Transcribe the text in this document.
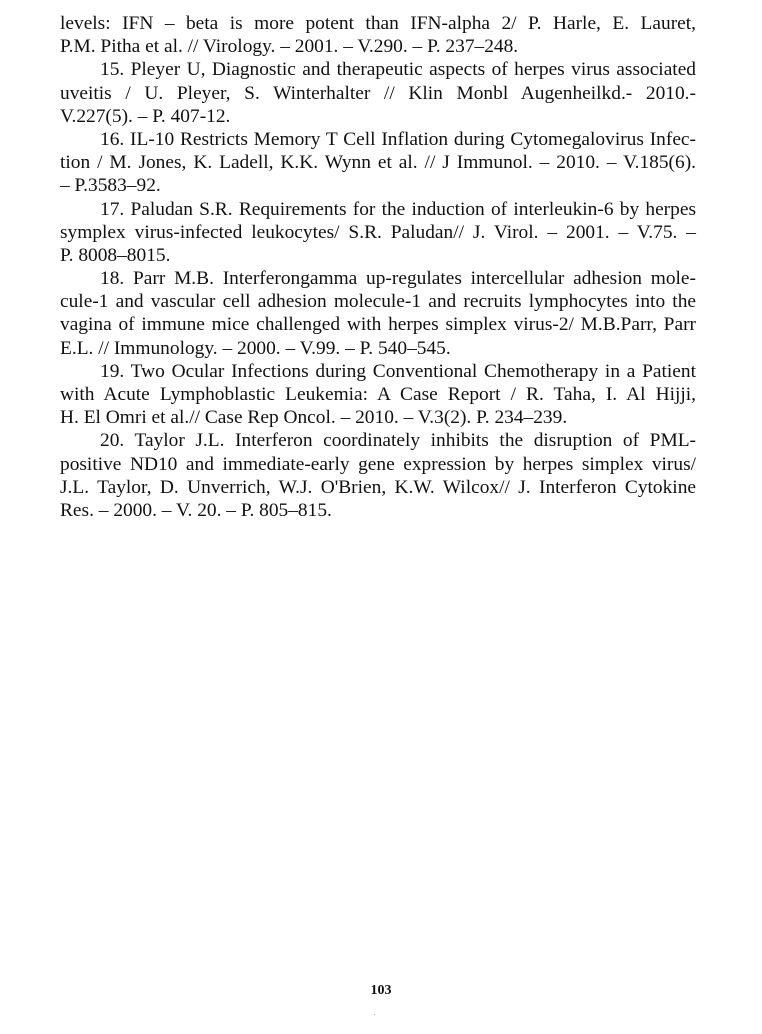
levels: IFN – beta is more potent than IFN-alpha 2/ P. Harle, E. Lauret,
P.M. Pitha et al. // Virology. – 2001. – V.290. – P. 237–248.
15. Pleyer U, Diagnostic and therapeutic aspects of herpes virus associated
uveitis / U. Pleyer, S. Winterhalter // Klin Monbl Augenheilkd.- 2010.-
V.227(5). – P. 407-12.
16. IL-10 Restricts Memory T Cell Inflation during Cytomegalovirus Infec-
tion / M. Jones, K. Ladell, K.K. Wynn et al. // J Immunol. – 2010. – V.185(6).
– P.3583–92.
17. Paludan S.R. Requirements for the induction of interleukin-6 by herpes
symplex virus-infected leukocytes/ S.R. Paludan// J. Virol. – 2001. – V.75. –
P. 8008–8015.
18. Parr M.B. Interferongamma up-regulates intercellular adhesion mole-
cule-1 and vascular cell adhesion molecule-1 and recruits lymphocytes into the
vagina of immune mice challenged with herpes simplex virus-2/ M.B.Parr, Parr
E.L. // Immunology. – 2000. – V.99. – P. 540–545.
19. Two Ocular Infections during Conventional Chemotherapy in a Patient
with Acute Lymphoblastic Leukemia: A Case Report / R. Taha, I. Al Hijji,
H. El Omri et al.// Case Rep Oncol. – 2010. – V.3(2). P. 234–239.
20. Taylor J.L. Interferon coordinately inhibits the disruption of PML-
positive ND10 and immediate-early gene expression by herpes simplex virus/
J.L. Taylor, D. Unverrich, W.J. O'Brien, K.W. Wilcox// J. Interferon Cytokine
Res. – 2000. – V. 20. – P. 805–815.
103
